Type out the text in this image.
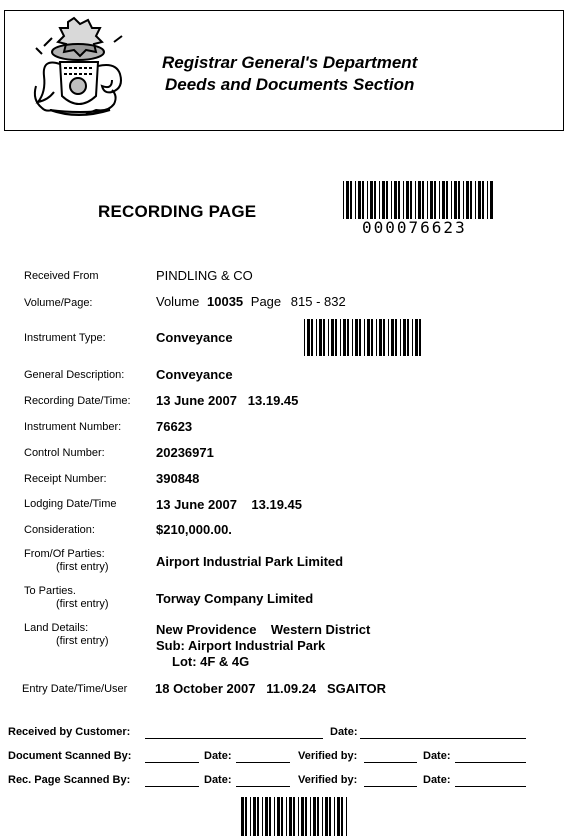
Registrar General's Department
Deeds and Documents Section
RECORDING PAGE
000076623
Received From	PINDLING & CO
Volume/Page:	Volume 10035 Page 815 - 832
Instrument Type:	Conveyance
General Description: Conveyance
Recording Date/Time: 13 June 2007   13.19.45
Instrument Number:	76623
Control Number:	20236971
Receipt Number:	390848
Lodging Date/Time	13 June 2007    13.19.45
Consideration:	$210,000.00.
From/Of Parties:
(first entry)	Airport Industrial Park Limited
To Parties.
(first entry)	Torway Company Limited
Land Details:
(first entry)
New Providence    Western District
Sub: Airport Industrial Park
Lot: 4F & 4G
Entry Date/Time/User 18 October 2007   11.09.24   SGAITOR
Received by Customer:	Date:
Document Scanned By:	Date:	Verified by:	Date:
Rec. Page Scanned By:	Date:	Verified by:	Date:
